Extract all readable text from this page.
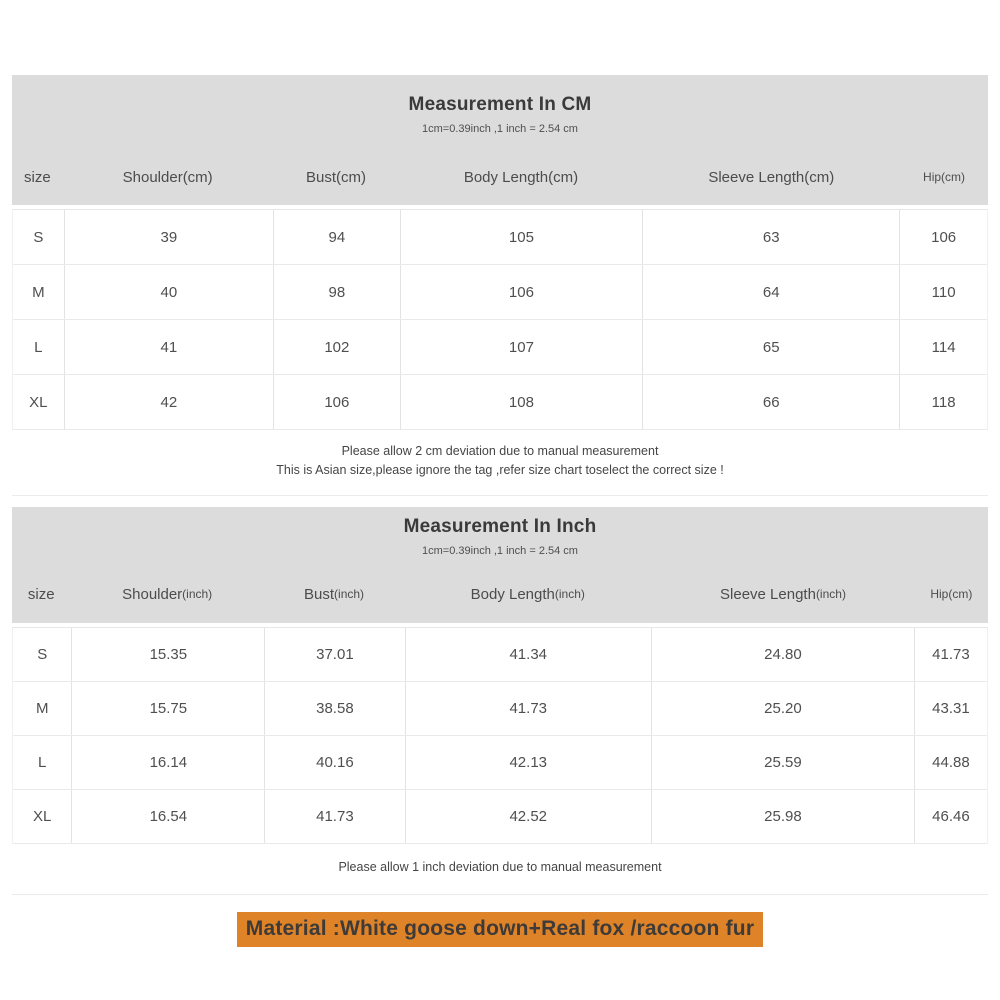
Measurement In CM
1cm=0.39inch ,1 inch = 2.54 cm
size	Shoulder (cm)	Bust (cm)	Body Length (cm)	Sleeve Length (cm)	Hip (cm)
S	39	94	105	63	106
M	40	98	106	64	110
L	41	102	107	65	114
XL	42	106	108	66	118
Please allow 2 cm deviation due to manual measurement
This is Asian size,please ignore the tag ,refer size chart toselect the correct size !
Measurement In Inch
1cm=0.39inch ,1 inch = 2.54 cm
size	Shoulder (inch)	Bust (inch)	Body Length (inch)	Sleeve Length (inch)	Hip (cm)
S	15.35	37.01	41.34	24.80	41.73
M	15.75	38.58	41.73	25.20	43.31
L	16.14	40.16	42.13	25.59	44.88
XL	16.54	41.73	42.52	25.98	46.46
Please allow 1 inch deviation due to manual measurement
Material :White goose down+Real fox /raccoon fur
